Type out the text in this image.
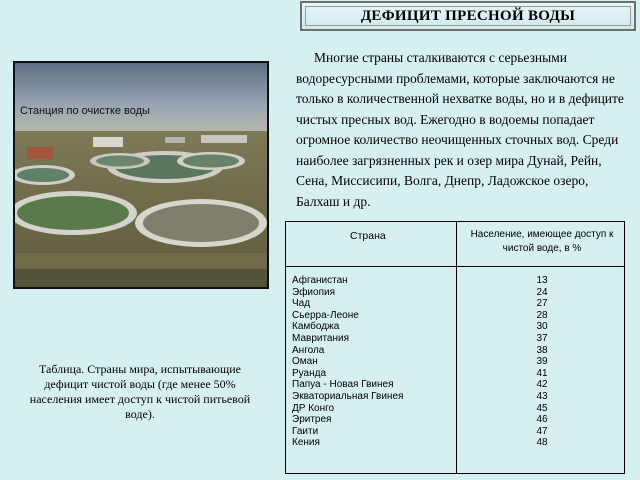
ДЕФИЦИТ ПРЕСНОЙ ВОДЫ

Многие страны сталкиваются с серьезными водоресурсными проблемами, которые заключаются не только в количественной нехватке воды, но и в дефиците чистых пресных вод. Ежегодно в водоемы попадает огромное количество неочищенных сточных вод. Среди наиболее загрязненных рек и озер мира Дунай, Рейн, Сена, Миссисипи, Волга, Днепр, Ладожское озеро, Балхаш и др.

Станция по очистке воды
Таблица. Страны мира, испытывающие дефицит чистой воды (где менее 50% населения имеет доступ к чистой питьевой воде).
Страна	Население, имеющее доступ к чистой воде, в %
Афганистан
Эфиопия
Чад
Сьерра-Леоне
Камбоджа
Мавритания
Ангола
Оман
Руанда
Папуа - Новая Гвинея
Экваториальная Гвинея
ДР Конго
Эритрея
Гаити
Кения
13
24
27
28
30
37
38
39
41
42
43
45
46
47
48
